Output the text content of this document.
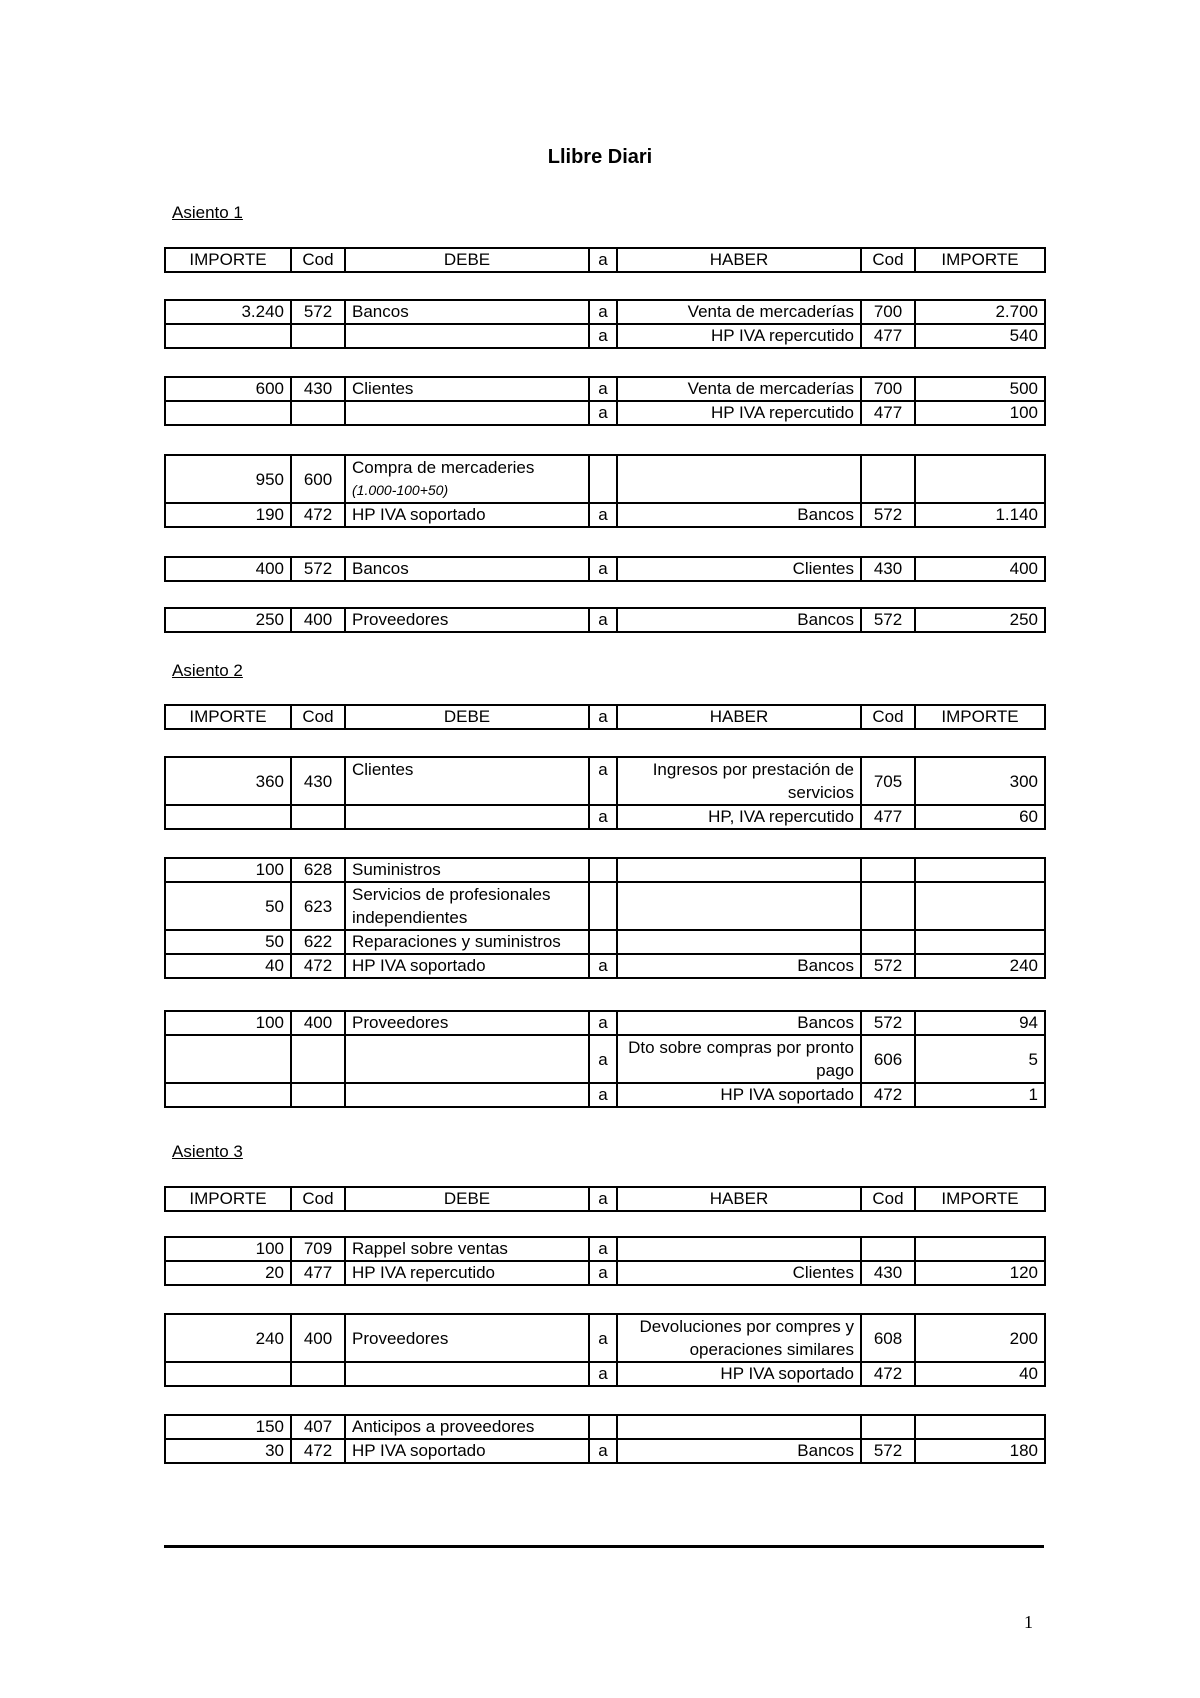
Llibre Diari
Asiento 1
IMPORTE	Cod	DEBE	a	HABER	Cod	IMPORTE
3.240	572	Bancos	a	Venta de mercaderías	700	2.700
			a	HP IVA repercutido	477	540
600	430	Clientes	a	Venta de mercaderías	700	500
			a	HP IVA repercutido	477	100
950	600	Compra de mercaderies
(1.000-100+50)				

190	472	HP IVA soportado	a	Bancos	572	1.140
400	572	Bancos	a	Clientes	430	400
250	400	Proveedores	a	Bancos	572	250
Asiento 2
IMPORTE	Cod	DEBE	a	HABER	Cod	IMPORTE
360	430	Clientes	a	Ingresos por prestación de servicios	705	300
			a	HP, IVA repercutido	477	60
100	628	Suministros				
50	623	Servicios de profesionales independientes				
50	622	Reparaciones y suministros				
40	472	HP IVA soportado	a	Bancos	572	240
100	400	Proveedores	a	Bancos	572	94
			a	Dto sobre compras por pronto pago	606	5
			a	HP IVA soportado	472	1
Asiento 3
IMPORTE	Cod	DEBE	a	HABER	Cod	IMPORTE
100	709	Rappel sobre ventas	a			
20	477	HP IVA repercutido	a	Clientes	430	120
240	400	Proveedores	a	Devoluciones por compres y operaciones similares	608	200
			a	HP IVA soportado	472	40
150	407	Anticipos a proveedores				
30	472	HP IVA soportado	a	Bancos	572	180
1
